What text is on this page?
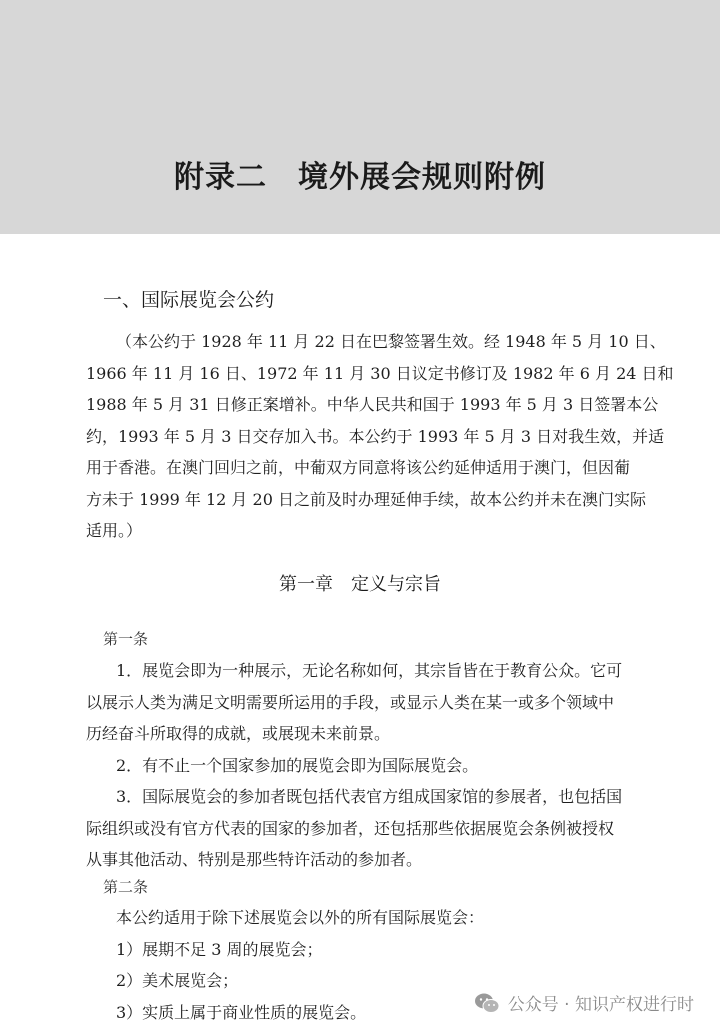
附录二　境外展会规则附例
一、国际展览会公约
（本公约于 1928 年 11 月 22 日在巴黎签署生效。经 1948 年 5 月 10 日、
1966 年 11 月 16 日、1972 年 11 月 30 日议定书修订及 1982 年 6 月 24 日和
1988 年 5 月 31 日修正案增补。中华人民共和国于 1993 年 5 月 3 日签署本公
约，1993 年 5 月 3 日交存加入书。本公约于 1993 年 5 月 3 日对我生效，并适
用于香港。在澳门回归之前，中葡双方同意将该公约延伸适用于澳门，但因葡
方未于 1999 年 12 月 20 日之前及时办理延伸手续，故本公约并未在澳门实际
适用。）
第一章　定义与宗旨
第一条
1．展览会即为一种展示，无论名称如何，其宗旨皆在于教育公众。它可
以展示人类为满足文明需要所运用的手段，或显示人类在某一或多个领域中
历经奋斗所取得的成就，或展现未来前景。
2．有不止一个国家参加的展览会即为国际展览会。
3．国际展览会的参加者既包括代表官方组成国家馆的参展者，也包括国
际组织或没有官方代表的国家的参加者，还包括那些依据展览会条例被授权
从事其他活动、特别是那些特许活动的参加者。
第二条
本公约适用于除下述展览会以外的所有国际展览会：
1）展期不足 3 周的展览会；
2）美术展览会；
3）实质上属于商业性质的展览会。	公众号 · 知识产权进行时
